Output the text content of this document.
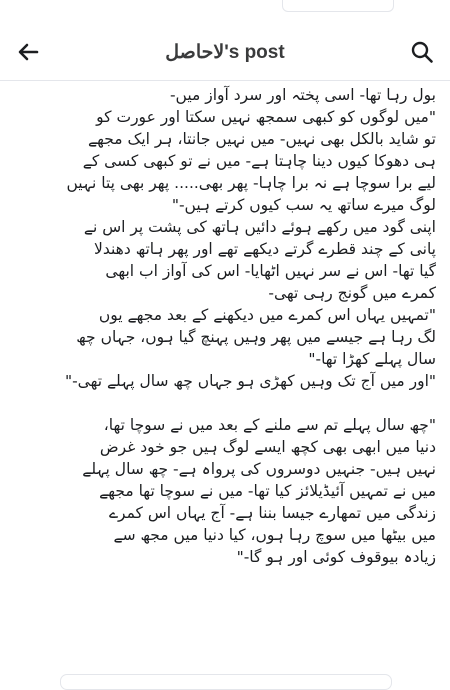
لاحاصل's post
بول رہا تھا- اسی پختہ اور سرد آواز میں-
"میں لوگوں کو کبھی سمجھ نہیں سکتا اور عورت کو
تو شاید بالکل بھی نہیں- میں نہیں جانتا، ہر ایک مجھے
ہی دھوکا کیوں دینا چاہتا ہے- میں نے تو کبھی کسی کے
لیے برا سوچا ہے نہ برا چاہا- پھر بھی..... پھر بھی پتا نہیں
لوگ میرے ساتھ یہ سب کیوں کرتے ہیں-"
اپنی گود میں رکھے ہوئے دائیں ہاتھ کی پشت پر اس نے
پانی کے چند قطرے گرتے دیکھے تھے اور پھر ہاتھ دھندلا
گیا تھا- اس نے سر نہیں اٹھایا- اس کی آواز اب ابھی
کمرے میں گونج رہی تھی-
"تمہیں یہاں اس کمرے میں دیکھنے کے بعد مجھے یوں
لگ رہا ہے جیسے میں پھر وہیں پہنچ گیا ہوں، جہاں چھ
سال پہلے کھڑا تھا-"
"اور میں آج تک وہیں کھڑی ہو جہاں چھ سال پہلے تھی-"
"چھ سال پہلے تم سے ملنے کے بعد میں نے سوچا تھا،
دنیا میں ابھی بھی کچھ ایسے لوگ ہیں جو خود غرض
نہیں ہیں- جنہیں دوسروں کی پرواہ ہے- چھ سال پہلے
میں نے تمہیں آئیڈیلائز کیا تھا- میں نے سوچا تھا مجھے
زندگی میں تمھارے جیسا بننا ہے- آج یہاں اس کمرے
میں بیٹھا میں سوچ رہا ہوں، کیا دنیا میں مجھ سے
زیادہ بیوقوف کوئی اور ہو گا-"
